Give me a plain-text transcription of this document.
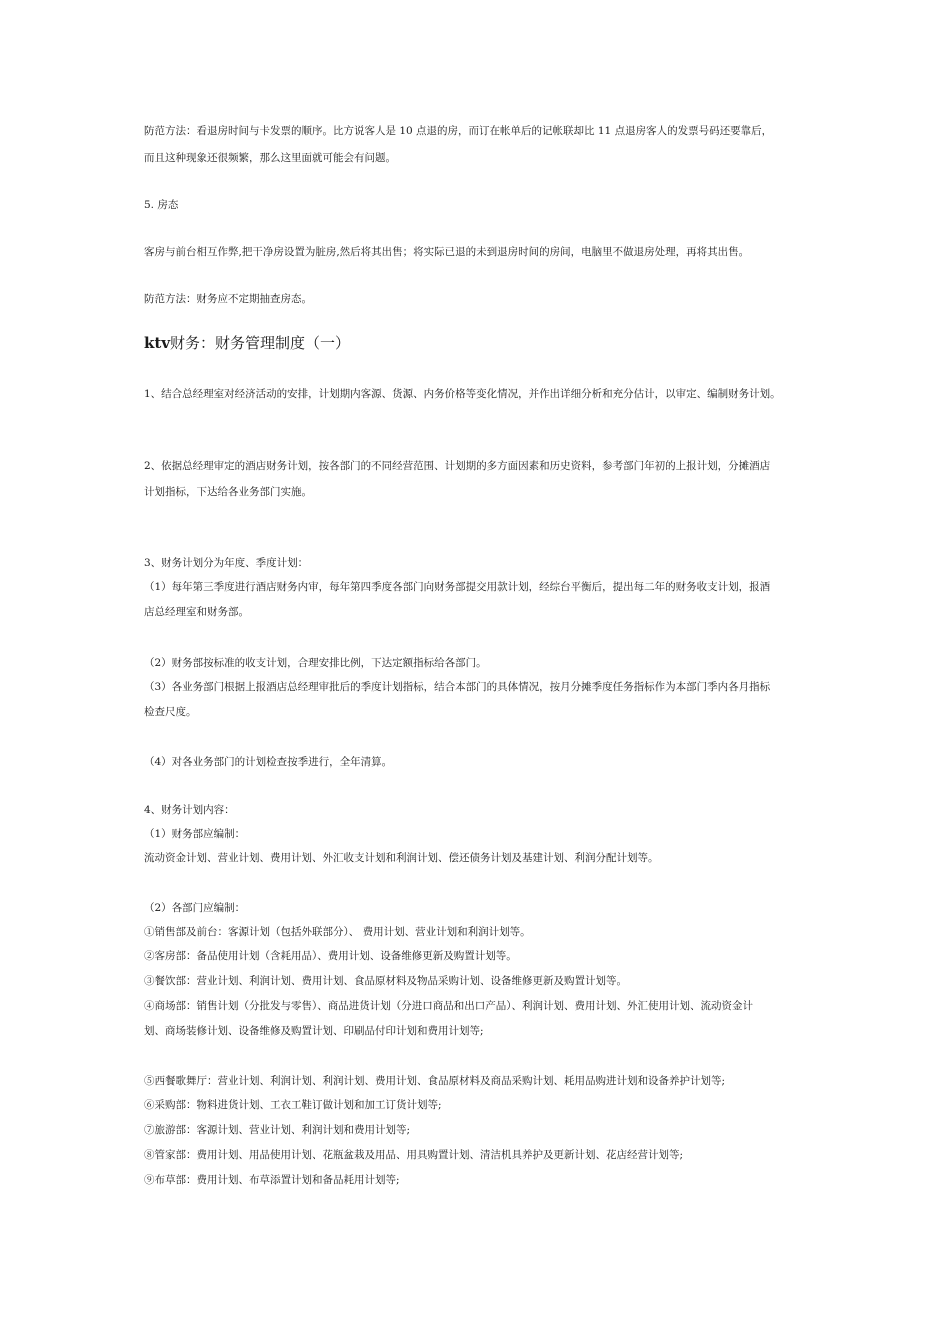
防范方法：看退房时间与卡发票的顺序。比方说客人是 10 点退的房，而订在帐单后的记帐联却比 11 点退房客人的发票号码还要靠后，
而且这种现象还很频繁，那么这里面就可能会有问题。
5. 房态
客房与前台相互作弊,把干净房设置为脏房,然后将其出售；将实际已退的未到退房时间的房间，电脑里不做退房处理，再将其出售。
防范方法：财务应不定期抽查房态。
ktv财务：财务管理制度（一）
1、结合总经理室对经济活动的安排，计划期内客源、货源、内务价格等变化情况，并作出详细分析和充分估计，以审定、编制财务计划。
2、依据总经理审定的酒店财务计划，按各部门的不同经营范围、计划期的多方面因素和历史资料，参考部门年初的上报计划，分摊酒店
计划指标，下达给各业务部门实施。
3、财务计划分为年度、季度计划：
（1）每年第三季度进行酒店财务内审，每年第四季度各部门向财务部提交用款计划，经综台平衡后，提出每二年的财务收支计划，报酒
店总经理室和财务部。
（2）财务部按标准的收支计划，合理安排比例，下达定额指标给各部门。
（3）各业务部门根据上报酒店总经理审批后的季度计划指标，结合本部门的具体情况，按月分摊季度任务指标作为本部门季内各月指标
检查尺度。
（4）对各业务部门的计划检查按季进行，全年清算。
4、财务计划内容：
（1）财务部应编制：
流动资金计划、营业计划、费用计划、外汇收支计划和利润计划、偿还债务计划及基建计划、利润分配计划等。
（2）各部门应编制：
①销售部及前台：客源计划（包括外联部分）、 费用计划、营业计划和利润计划等。
②客房部：备品使用计划（含耗用品）、费用计划、设备维修更新及购置计划等。
③餐饮部：营业计划、利润计划、费用计划、食品原材料及物品采购计划、设备维修更新及购置计划等。
④商场部：销售计划（分批发与零售）、商品进货计划（分进口商品和出口产品）、利润计划、费用计划、外汇使用计划、流动资金计
划、商场装修计划、设备维修及购置计划、印刷品付印计划和费用计划等;
⑤西餐歌舞厅：营业计划、利润计划、利润计划、费用计划、食品原材料及商品采购计划、耗用品购进计划和设备养护计划等;
⑥采购部：物料进货计划、工衣工鞋订做计划和加工订货计划等;
⑦旅游部：客源计划、营业计划、利润计划和费用计划等;
⑧管家部：费用计划、用品使用计划、花瓶盆栽及用品、用具购置计划、清洁机具养护及更新计划、花店经营计划等;
⑨布草部：费用计划、布草添置计划和备品耗用计划等;
